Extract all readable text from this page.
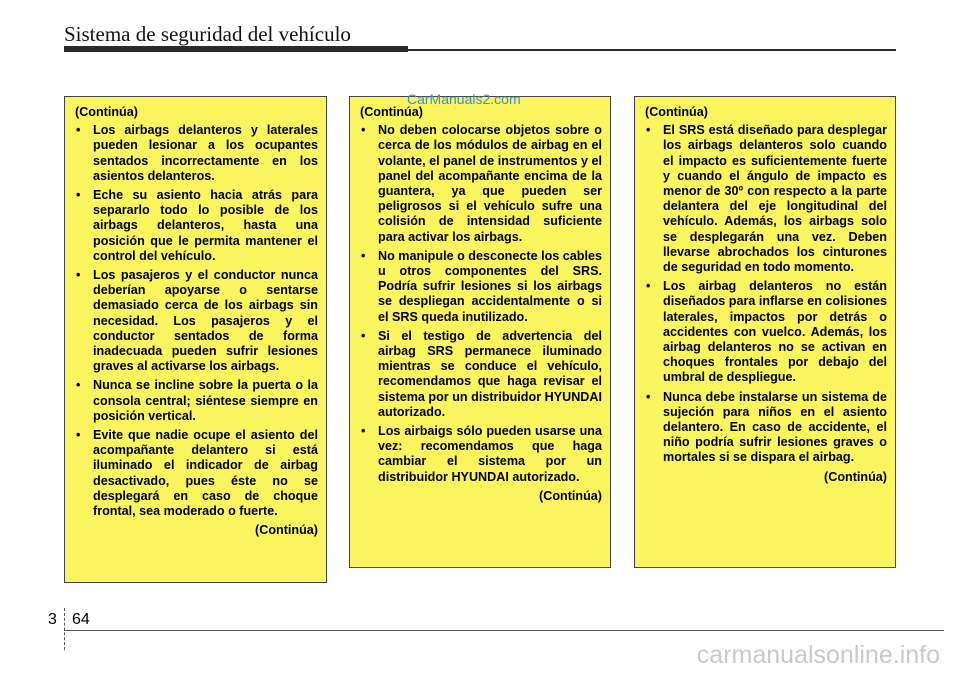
Sistema de seguridad del vehículo
(Continúa)
• Los airbags delanteros y laterales pueden lesionar a los ocupantes sentados incorrectamente en los asientos delanteros.
• Eche su asiento hacia atrás para separarlo todo lo posible de los airbags delanteros, hasta una posición que le permita mantener el control del vehículo.
• Los pasajeros y el conductor nunca deberían apoyarse o sentarse demasiado cerca de los airbags sin necesidad. Los pasajeros y el conductor sentados de forma inadecuada pueden sufrir lesiones graves al activarse los airbags.
• Nunca se incline sobre la puerta o la consola central; siéntese siempre en posición vertical.
• Evite que nadie ocupe el asiento del acompañante delantero si está iluminado el indicador de airbag desactivado, pues éste no se desplegará en caso de choque frontal, sea moderado o fuerte.
(Continúa)
(Continúa)
• No deben colocarse objetos sobre o cerca de los módulos de airbag en el volante, el panel de instrumentos y el panel del acompañante encima de la guantera, ya que pueden ser peligrosos si el vehículo sufre una colisión de intensidad suficiente para activar los airbags.
• No manipule o desconecte los cables u otros componentes del SRS. Podría sufrir lesiones si los airbags se despliegan accidentalmente o si el SRS queda inutilizado.
• Si el testigo de advertencia del airbag SRS permanece iluminado mientras se conduce el vehículo, recomendamos que haga revisar el sistema por un distribuidor HYUNDAI autorizado.
• Los airbaigs sólo pueden usarse una vez: recomendamos que haga cambiar el sistema por un distribuidor HYUNDAI autorizado.
(Continúa)
(Continúa)
• El SRS está diseñado para desplegar los airbags delanteros solo cuando el impacto es suficientemente fuerte y cuando el ángulo de impacto es menor de 30º con respecto a la parte delantera del eje longitudinal del vehículo. Además, los airbags solo se desplegarán una vez. Deben llevarse abrochados los cinturones de seguridad en todo momento.
• Los airbag delanteros no están diseñados para inflarse en colisiones laterales, impactos por detrás o accidentes con vuelco. Además, los airbag delanteros no se activan en choques frontales por debajo del umbral de despliegue.
• Nunca debe instalarse un sistema de sujeción para niños en el asiento delantero. En caso de accidente, el niño podría sufrir lesiones graves o mortales si se dispara el airbag.
(Continúa)
CarManuals2.com
3 64
carmanualsonline.info
